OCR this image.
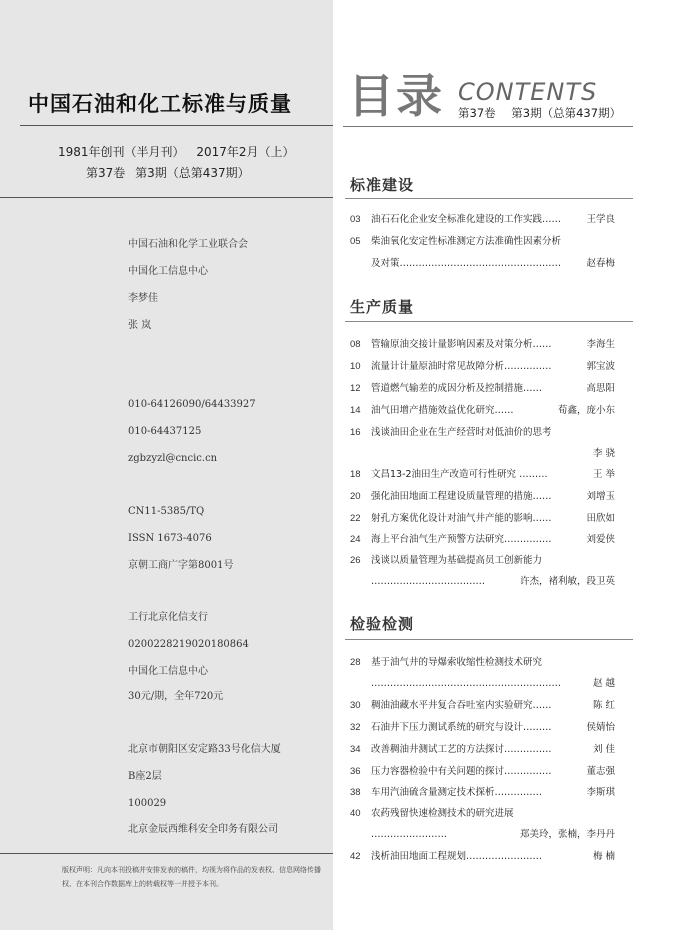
中国石油和化工标准与质量
1981年创刊（半月刊） 2017年2月（上）
第37卷 第3期（总第437期）
中国石油和化学工业联合会
中国化工信息中心
李梦佳
张 岚
010-64126090/64433927
010-64437125
zgbzyzl@cncic.cn
CN11-5385/TQ
ISSN 1673-4076
京朝工商广字第8001号
工行北京化信支行
0200228219020180864
中国化工信息中心
30元/期，全年720元
北京市朝阳区安定路33号化信大厦
B座2层
100029
北京金辰西维科安全印务有限公司
版权声明：凡向本刊投稿并安排发表的稿件，均视为将作品的发表权、信息网络传播权、在本刊合作数据库上的转载权等一并授予本刊。
目录 CONTENTS
第37卷 第3期（总第437期）
标准建设
03	油石石化企业安全标准化建设的工作实践……	王学良
05	柴油氧化安定性标准测定方法准确性因素分析
及对策……………………………………………	赵春梅
生产质量
08	管输原油交接计量影响因素及对策分析……	李海生
10	流量计计量原油时常见故障分析……………	郭宝波
12	管道燃气输差的成因分析及控制措施……	高思阳
14	油气田增产措施效益优化研究……	荀鑫，庞小东
16	浅谈油田企业在生产经营时对低油价的思考
李 骁
18	文昌13-2油田生产改造可行性研究 ………	王 举
20	强化油田地面工程建设质量管理的措施……	刘增玉
22	射孔方案优化设计对油气井产能的影响……	田欣如
24	海上平台油气生产预警方法研究……………	刘爱侠
26	浅谈以质量管理为基础提高员工创新能力
………………………………	许杰，褚利敏，段卫英
检验检测
28	基于油气井的导爆索收缩性检测技术研究
……………………………………………………	赵 越
30	稠油油藏水平井复合吞吐室内实验研究……	陈 红
32	石油井下压力测试系统的研究与设计………	侯婧怡
34	改善稠油井测试工艺的方法探讨……………	刘 佳
36	压力容器检验中有关问题的探讨……………	董志强
38	车用汽油硫含量测定技术探析……………	李斯琪
40	农药残留快速检测技术的研究进展
……………………	郑美玲，张楠，李丹丹
42	浅析油田地面工程规划……………………	梅 楠
